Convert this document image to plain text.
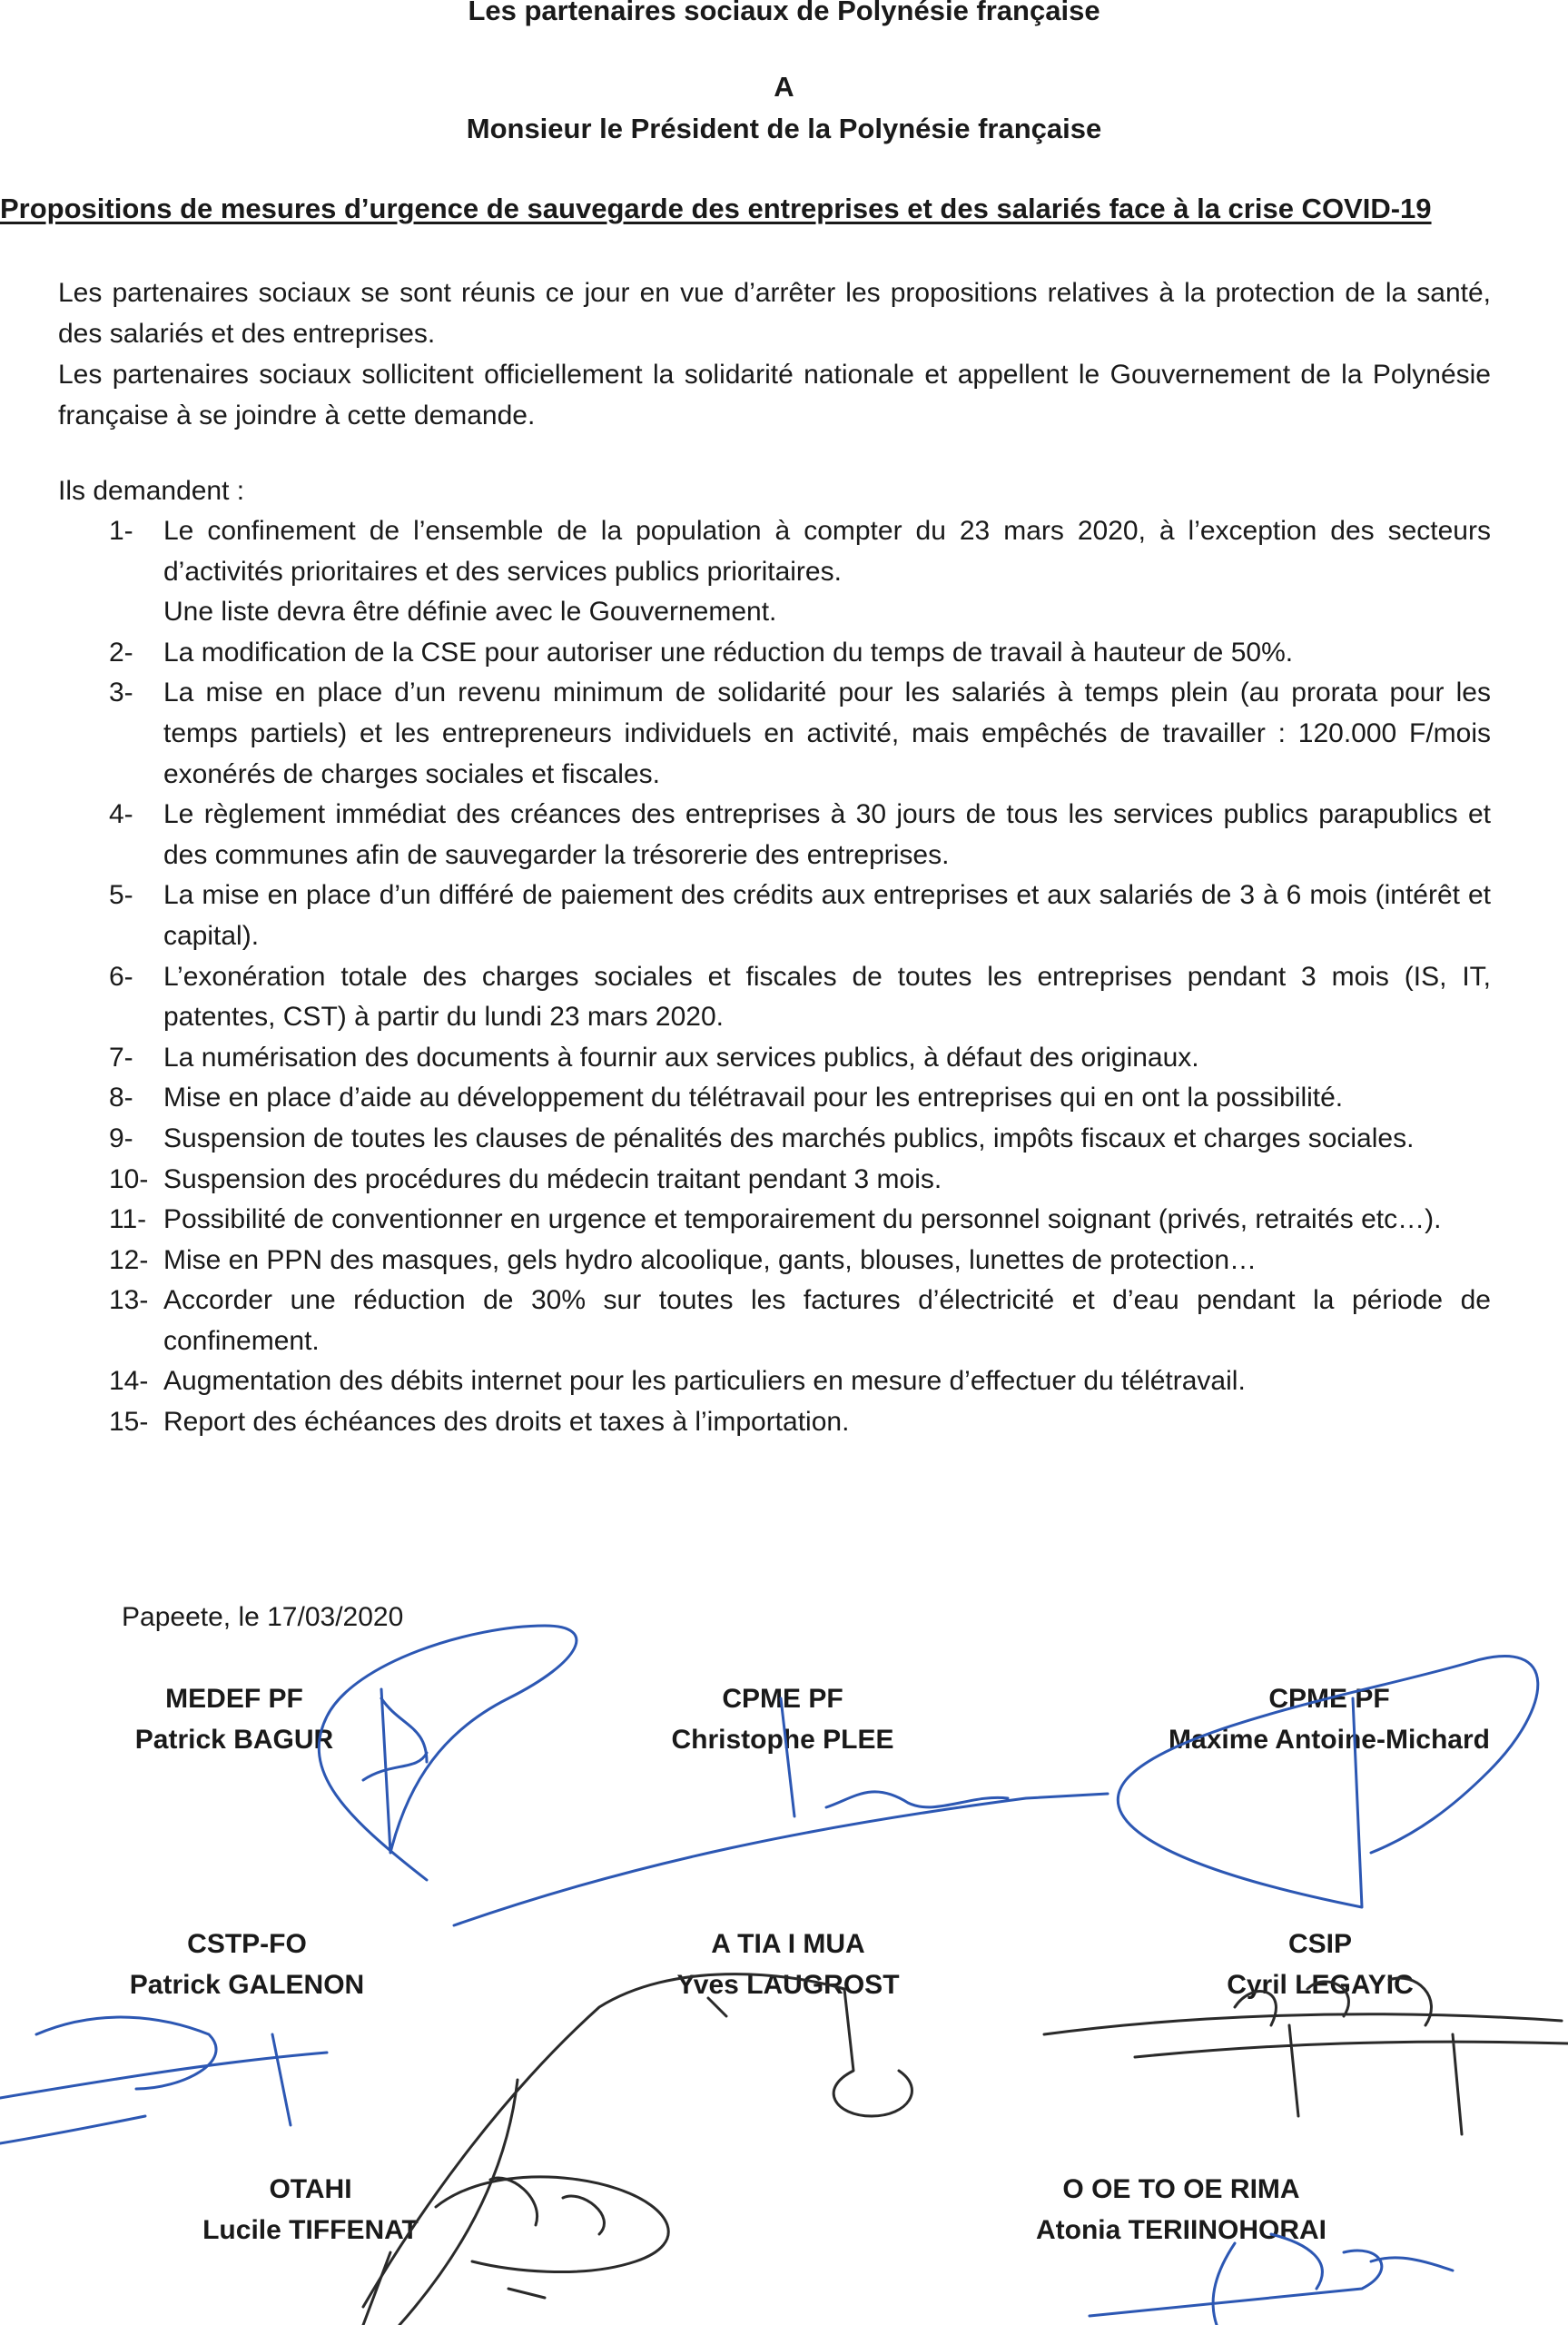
Les partenaires sociaux de Polynésie française
A
Monsieur le Président de la Polynésie française
Propositions de mesures d’urgence de sauvegarde des entreprises et des salariés face à la crise COVID-19
Les partenaires sociaux se sont réunis ce jour en vue d’arrêter les propositions relatives à la protection de la santé, des salariés et des entreprises.
Les partenaires sociaux sollicitent officiellement la solidarité nationale et appellent le Gouvernement de la Polynésie française à se joindre à cette demande.
Ils demandent :
1- Le confinement de l’ensemble de la population à compter du 23 mars 2020, à l’exception des secteurs d’activités prioritaires et des services publics prioritaires.
Une liste devra être définie avec le Gouvernement.
2- La modification de la CSE pour autoriser une réduction du temps de travail à hauteur de 50%.
3- La mise en place d’un revenu minimum de solidarité pour les salariés à temps plein (au prorata pour les temps partiels) et les entrepreneurs individuels en activité, mais empêchés de travailler : 120.000 F/mois exonérés de charges sociales et fiscales.
4- Le règlement immédiat des créances des entreprises à 30 jours de tous les services publics parapublics et des communes afin de sauvegarder la trésorerie des entreprises.
5- La mise en place d’un différé de paiement des crédits aux entreprises et aux salariés de 3 à 6 mois (intérêt et capital).
6- L’exonération totale des charges sociales et fiscales de toutes les entreprises pendant 3 mois (IS, IT, patentes, CST) à partir du lundi 23 mars 2020.
7- La numérisation des documents à fournir aux services publics, à défaut des originaux.
8- Mise en place d’aide au développement du télétravail pour les entreprises qui en ont la possibilité.
9- Suspension de toutes les clauses de pénalités des marchés publics, impôts fiscaux et charges sociales.
10- Suspension des procédures du médecin traitant pendant 3 mois.
11- Possibilité de conventionner en urgence et temporairement du personnel soignant (privés, retraités etc…).
12- Mise en PPN des masques, gels hydro alcoolique, gants, blouses, lunettes de protection…
13- Accorder une réduction de 30% sur toutes les factures d’électricité et d’eau pendant la période de confinement.
14- Augmentation des débits internet pour les particuliers en mesure d’effectuer du télétravail.
15- Report des échéances des droits et taxes à l’importation.
Papeete, le 17/03/2020
MEDEF PF
Patrick BAGUR
CPME PF
Christophe PLEE
CPME PF
Maxime Antoine-Michard
CSTP-FO
Patrick GALENON
A TIA I MUA
Yves LAUGROST
CSIP
Cyril LEGAYIC
OTAHI
Lucile TIFFENAT
O OE TO OE RIMA
Atonia TERIINOHORAI
